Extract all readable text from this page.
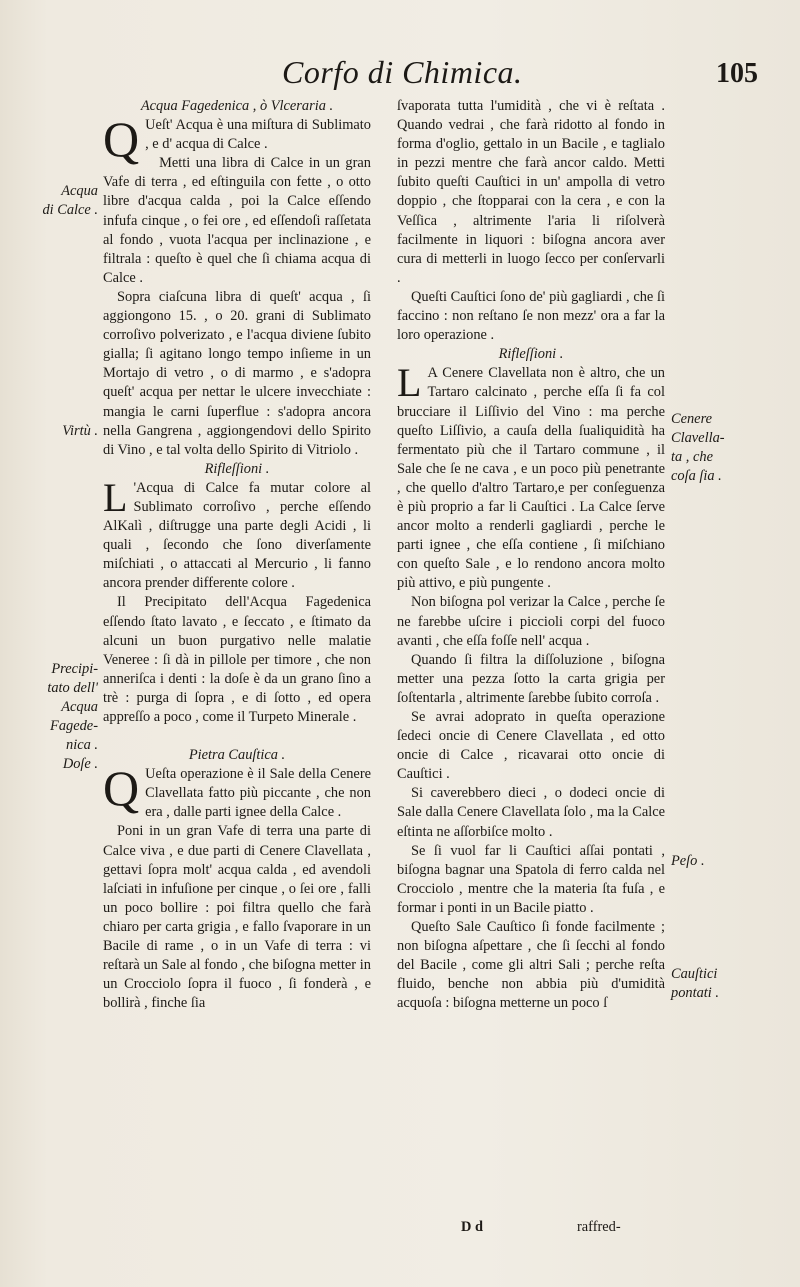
Corfo di Chimica.	105
Acqua Fagedenica , ò Vlceraria .

Q Ueſt' Acqua è una miſtura di Sublimato , e d' acqua di Calce .

Metti una libra di Calce in un gran Vafe di terra , ed eſtinguila con fette , o otto libre d'acqua calda , poi la Calce eſſendo infufa cinque , o fei ore , ed eſſendoſi raſſetata al fondo , vuota l'acqua per inclinazione , e filtrala : queſto è quel che ſi chiama acqua di Calce .

Sopra ciaſcuna libra di queſt' acqua , ſi aggiongono 15. , o 20. grani di Sublimato corroſivo polverizato , e l'acqua diviene ſubito gialla; ſi agitano longo tempo inſieme in un Mortajo di vetro , o di marmo , e s'adopra queſt' acqua per nettar le ulcere invecchiate : mangia le carni ſuperflue : s'adopra ancora nella Gangrena , aggiongendovi dello Spirito di Vino , e tal volta dello Spirito di Vitriolo .

Rifleſſioni .

L 'Acqua di Calce fa mutar colore al Sublimato corroſivo , perche eſſendo AlKalì , diſtrugge una parte degli Acidi , li quali , ſecondo che ſono diverſamente miſchiati , o attaccati al Mercurio , li fanno ancora prender differente colore .

Il Precipitato dell'Acqua Fagedenica eſſendo ſtato lavato , e ſeccato , e ſtimato da alcuni un buon purgativo nelle malatie Veneree : ſi dà in pillole per timore , che non anneriſca i denti : la doſe è da un grano ſino a trè : purga di ſopra , e di ſotto , ed opera appreſſo a poco , come il Turpeto Minerale .

Pietra Cauſtica .

Q Ueſta operazione è il Sale della Cenere Clavellata fatto più piccante , che non era , dalle parti ignee della Calce .

Poni in un gran Vafe di terra una parte di Calce viva , e due parti di Cenere Clavellata , gettavi ſopra molt' acqua calda , ed avendoli laſciati in infuſione per cinque , o ſei ore , falli un poco bollire : poi filtra quello che farà chiaro per carta grigia , e fallo ſvaporare in un Bacile di rame , o in un Vafe di terra : vi reſtarà un Sale al fondo , che biſogna metter in un Crocciolo ſopra il fuoco , ſi fonderà , e bollirà , finche ſia

ſvaporata tutta l'umidità , che vi è reſtata . Quando vedrai , che farà ridotto al fondo in forma d'oglio, gettalo in un Bacile , e taglialo in pezzi mentre che farà ancor caldo. Metti ſubito queſti Cauſtici in un' ampolla di vetro doppio , che ſtopparai con la cera , e con la Veſſica , altrimente l'aria li riſolverà facilmente in liquori : biſogna ancora aver cura di metterli in luogo ſecco per conſervarli .

Queſti Cauſtici ſono de' più gagliardi , che ſi faccino : non reſtano ſe non mezz' ora a far la loro operazione .

Rifleſſioni .

L A Cenere Clavellata non è altro, che un Tartaro calcinato , perche eſſa ſi fa col brucciare il Liſſivio del Vino : ma perche queſto Liſſivio, a cauſa della ſualiquidità ha fermentato più che il Tartaro commune , il Sale che ſe ne cava , e un poco più penetrante , che quello d'altro Tartaro,e per conſeguenza è più proprio a far li Cauſtici . La Calce ſerve ancor molto a renderli gagliardi , perche le parti ignee , che eſſa contiene , ſi miſchiano con queſto Sale , e lo rendono ancora molto più attivo, e più pungente .

Non biſogna pol verizar la Calce , perche ſe ne farebbe uſcire i piccioli corpi del fuoco avanti , che eſſa foſſe nell' acqua .

Quando ſi filtra la diſſoluzione , biſogna metter una pezza ſotto la carta grigia per ſoſtentarla , altrimente ſarebbe ſubito corroſa .

Se avrai adoprato in queſta operazione ſedeci oncie di Cenere Clavellata , ed otto oncie di Calce , ricavarai otto oncie di Cauſtici .

Si caverebbero dieci , o dodeci oncie di Sale dalla Cenere Clavellata ſolo , ma la Calce eſtinta ne aſſorbiſce molto .

Se ſi vuol far li Cauſtici aſſai pontati , biſogna bagnar una Spatola di ferro calda nel Crocciolo , mentre che la materia ſta fuſa , e formar i ponti in un Bacile piatto .

Queſto Sale Cauſtico ſi fonde facilmente ; non biſogna aſpettare , che ſi ſecchi al fondo del Bacile , come gli altri Sali ; perche reſta fluido, benche non abbia più d'umidità acquoſa : biſogna metterne un poco ſ

D d	raffred-
Acqua
di Calce .
Virtù .
Precipi-
tato dell'
Acqua
Fagede-
nica .
Doſe .
Cenere
Clavella-
ta , che
coſa ſia .
Peſo .
Cauſtici
pontati .
